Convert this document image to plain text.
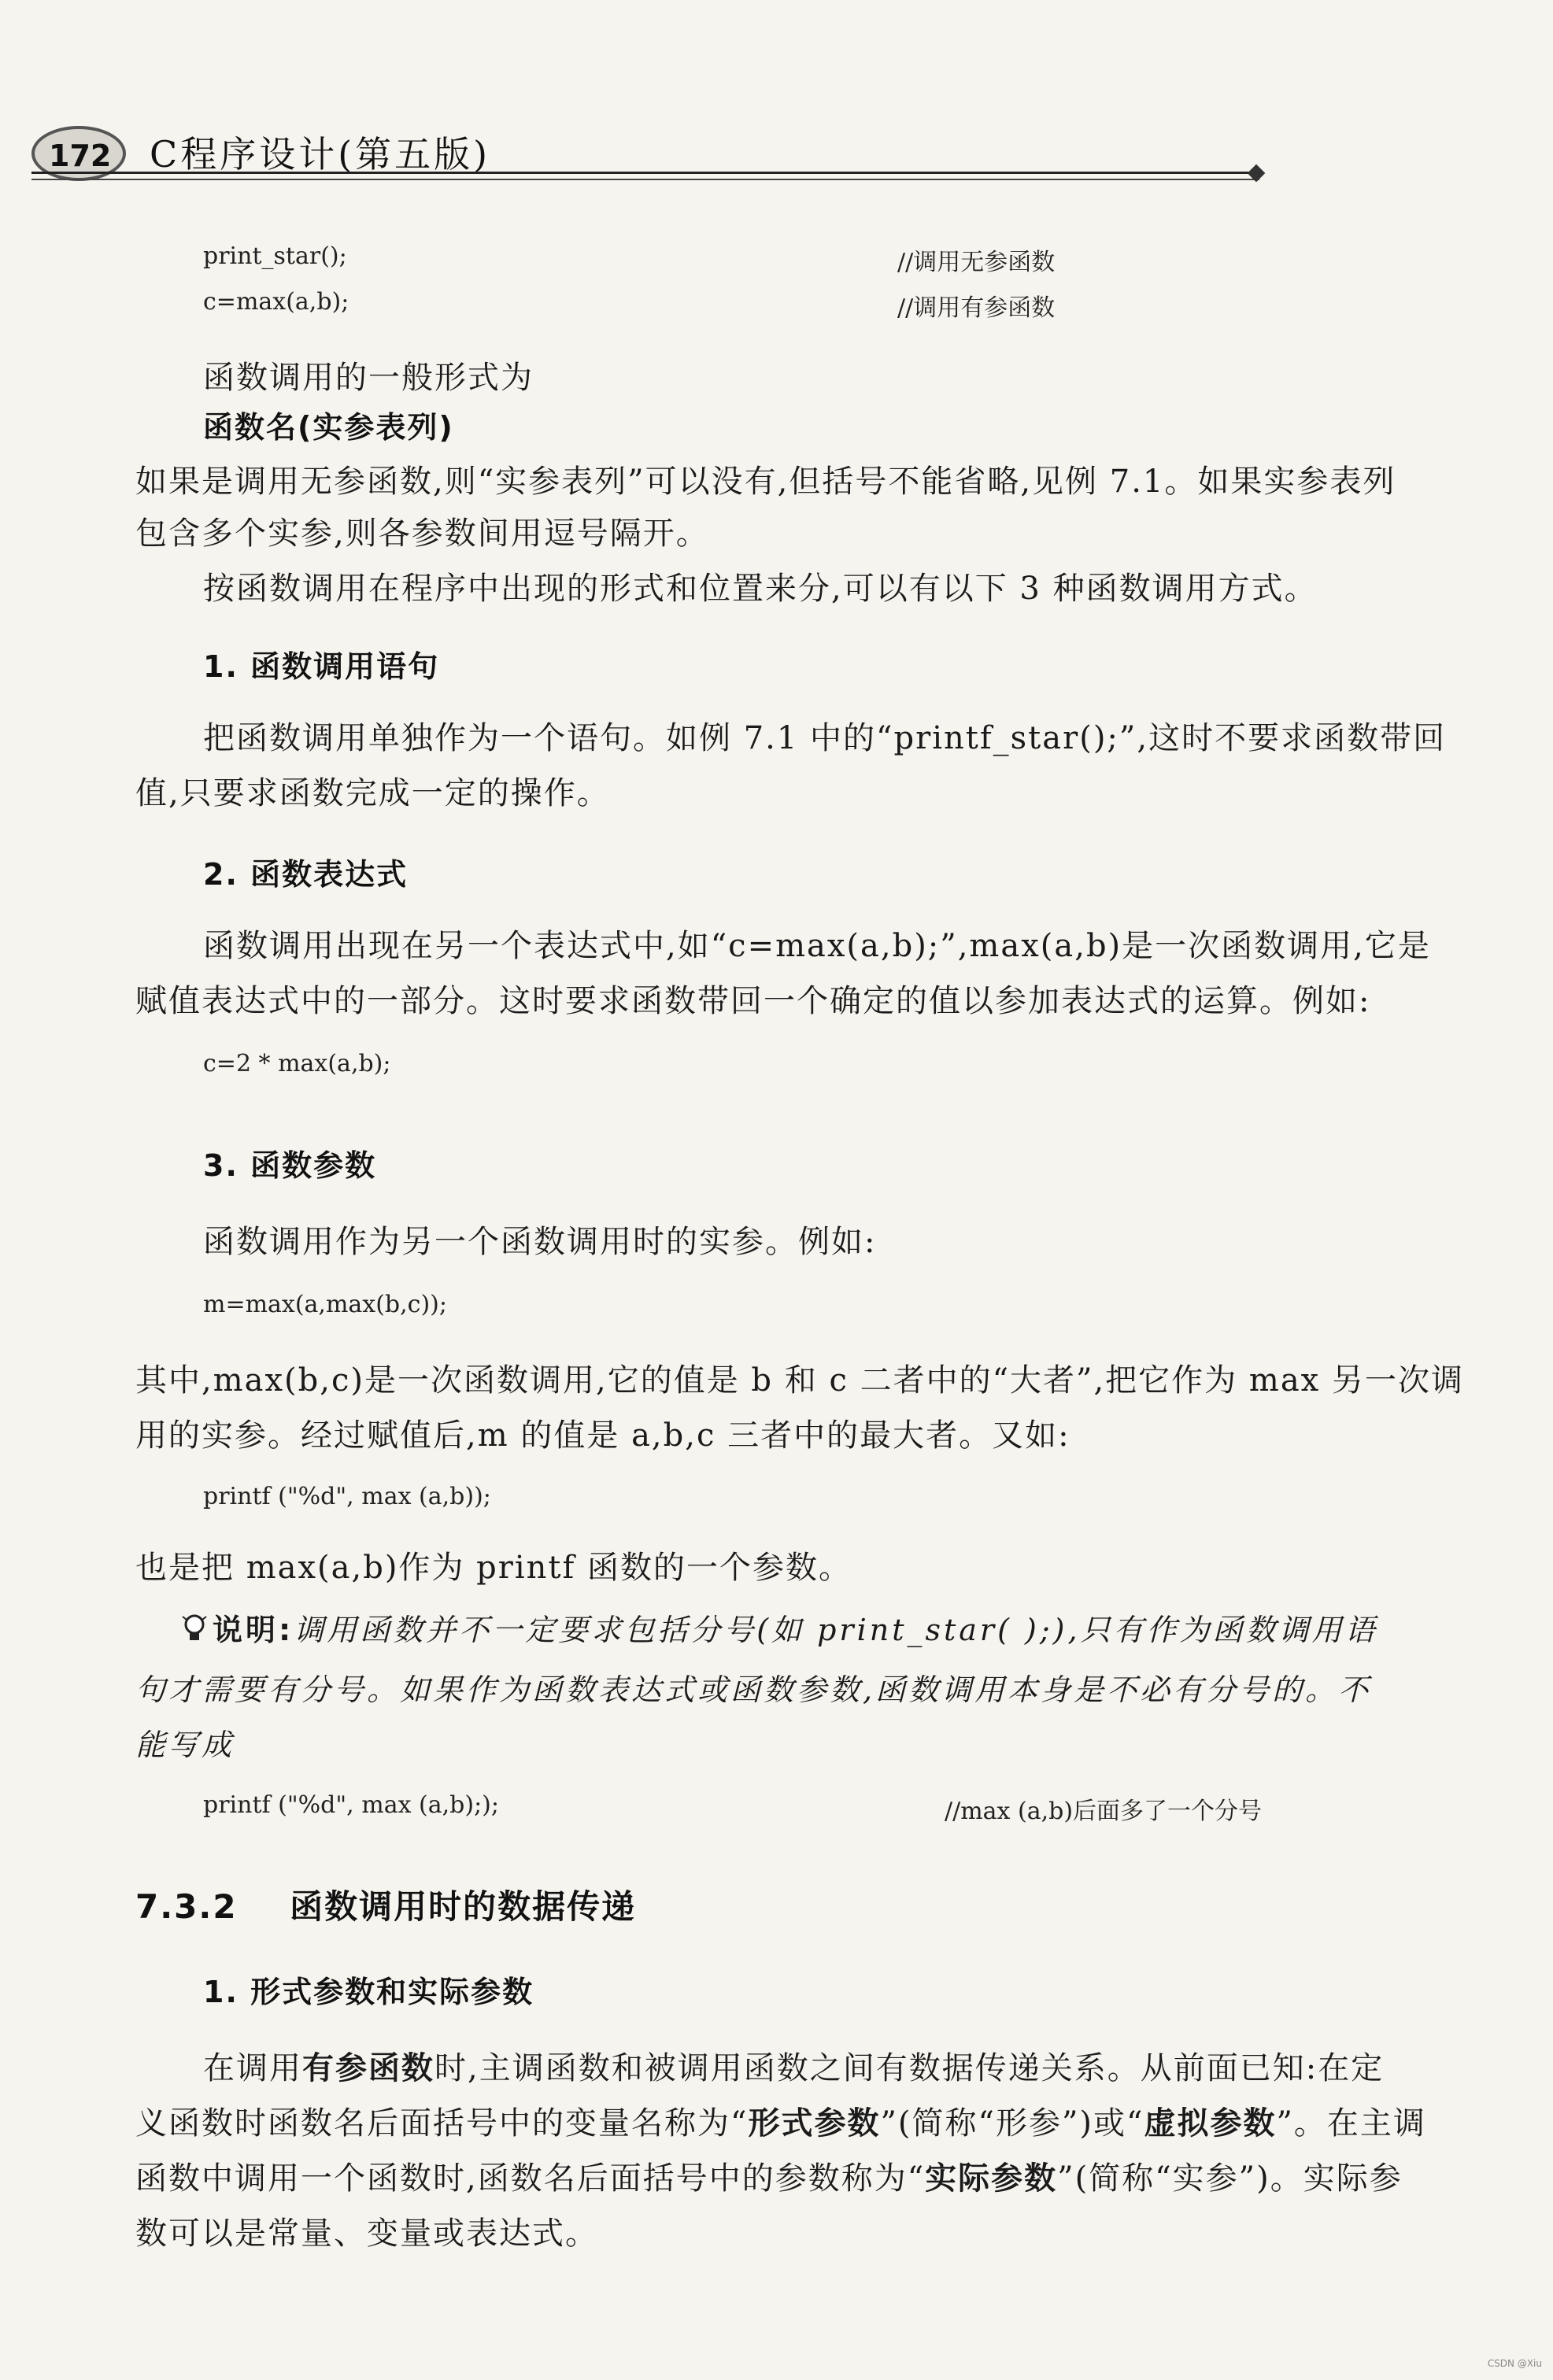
172 C程序设计(第五版)
print_star();	//调用无参函数
c=max(a,b);	//调用有参函数
函数调用的一般形式为
函数名(实参表列)
如果是调用无参函数,则“实参表列”可以没有,但括号不能省略,见例 7.1。如果实参表列
包含多个实参,则各参数间用逗号隔开。
按函数调用在程序中出现的形式和位置来分,可以有以下 3 种函数调用方式。
1. 函数调用语句
把函数调用单独作为一个语句。如例 7.1 中的“printf_star();”,这时不要求函数带回
值,只要求函数完成一定的操作。
2. 函数表达式
函数调用出现在另一个表达式中,如“c=max(a,b);”,max(a,b)是一次函数调用,它是
赋值表达式中的一部分。这时要求函数带回一个确定的值以参加表达式的运算。例如:
c=2 * max(a,b);
3. 函数参数
函数调用作为另一个函数调用时的实参。例如:
m=max(a,max(b,c));
其中,max(b,c)是一次函数调用,它的值是 b 和 c 二者中的“大者”,把它作为 max 另一次调
用的实参。经过赋值后,m 的值是 a,b,c 三者中的最大者。又如:
printf ("%d", max (a,b));
也是把 max(a,b)作为 printf 函数的一个参数。
说明:调用函数并不一定要求包括分号(如 print_star( );),只有作为函数调用语
句才需要有分号。如果作为函数表达式或函数参数,函数调用本身是不必有分号的。不
能写成
printf ("%d", max (a,b););	//max (a,b)后面多了一个分号
7.3.2 函数调用时的数据传递
1. 形式参数和实际参数
在调用有参函数时,主调函数和被调用函数之间有数据传递关系。从前面已知:在定
义函数时函数名后面括号中的变量名称为“形式参数”(简称“形参”)或“虚拟参数”。在主调
函数中调用一个函数时,函数名后面括号中的参数称为“实际参数”(简称“实参”)。实际参
数可以是常量、变量或表达式。
CSDN @Xiu
